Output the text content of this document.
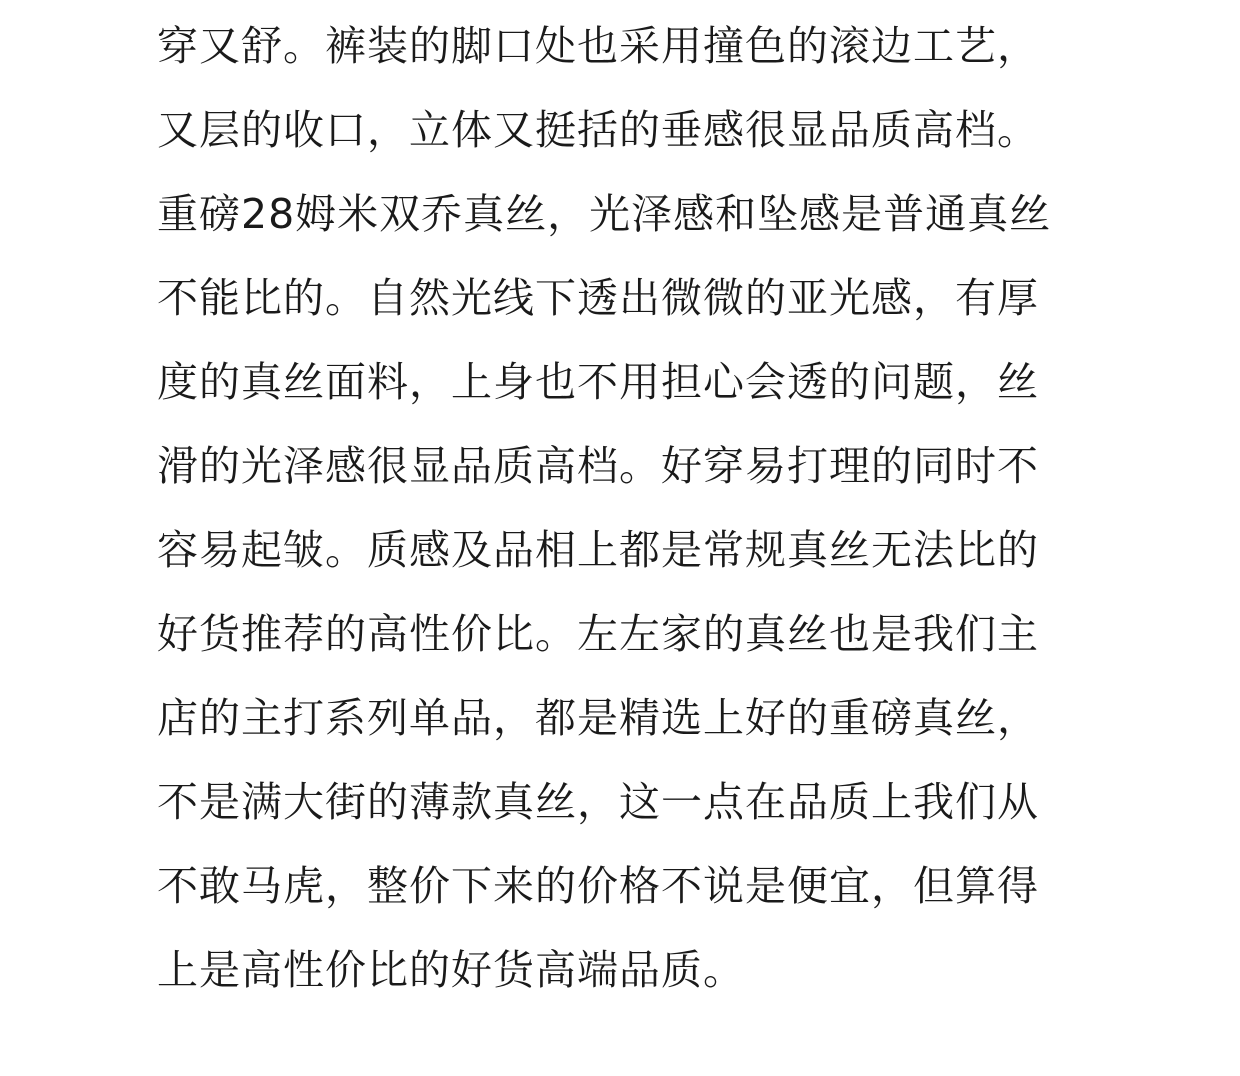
穿又舒。裤装的脚口处也采用撞色的滚边工艺，
又层的收口，立体又挺括的垂感很显品质高档。
重磅28姆米双乔真丝，光泽感和坠感是普通真丝
不能比的。自然光线下透出微微的亚光感，有厚
度的真丝面料，上身也不用担心会透的问题，丝
滑的光泽感很显品质高档。好穿易打理的同时不
容易起皱。质感及品相上都是常规真丝无法比的
好货推荐的高性价比。左左家的真丝也是我们主
店的主打系列单品，都是精选上好的重磅真丝，
不是满大街的薄款真丝，这一点在品质上我们从
不敢马虎，整价下来的价格不说是便宜，但算得
上是高性价比的好货高端品质。
